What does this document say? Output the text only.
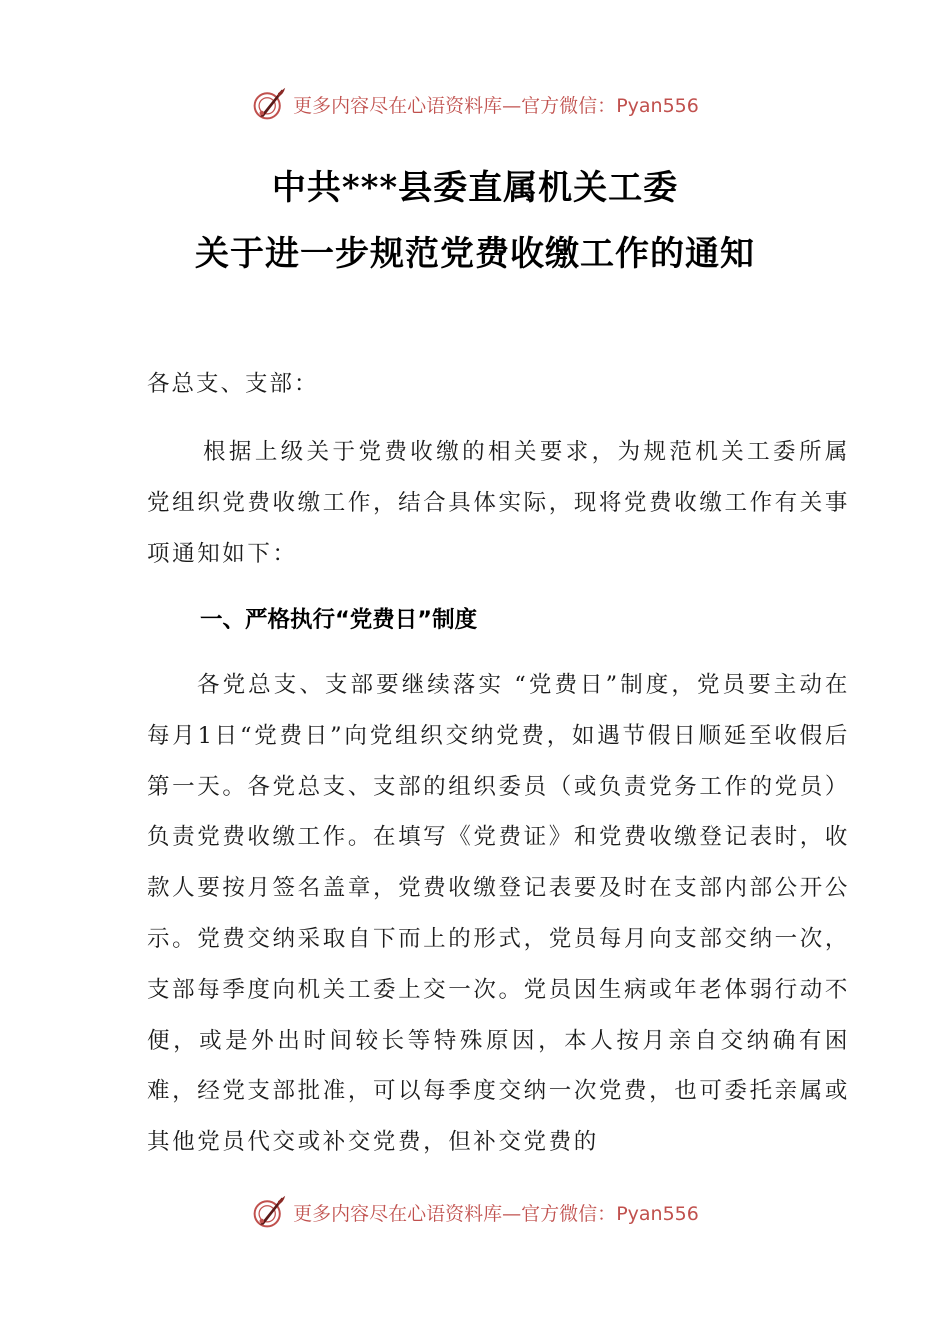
更多内容尽在心语资料库—官方微信：Pyan556
中共***县委直属机关工委
关于进一步规范党费收缴工作的通知
各总支、支部：
根据上级关于党费收缴的相关要求，为规范机关工委所属党组织党费收缴工作，结合具体实际，现将党费收缴工作有关事项通知如下：
一、严格执行“党费日”制度
各党总支、支部要继续落实 “党费日”制度，党员要主动在每月1日“党费日”向党组织交纳党费，如遇节假日顺延至收假后第一天。各党总支、支部的组织委员（或负责党务工作的党员）负责党费收缴工作。在填写《党费证》和党费收缴登记表时，收款人要按月签名盖章，党费收缴登记表要及时在支部内部公开公示。党费交纳采取自下而上的形式，党员每月向支部交纳一次，支部每季度向机关工委上交一次。党员因生病或年老体弱行动不便，或是外出时间较长等特殊原因，本人按月亲自交纳确有困难，经党支部批准，可以每季度交纳一次党费，也可委托亲属或其他党员代交或补交党费，但补交党费的
更多内容尽在心语资料库—官方微信：Pyan556
